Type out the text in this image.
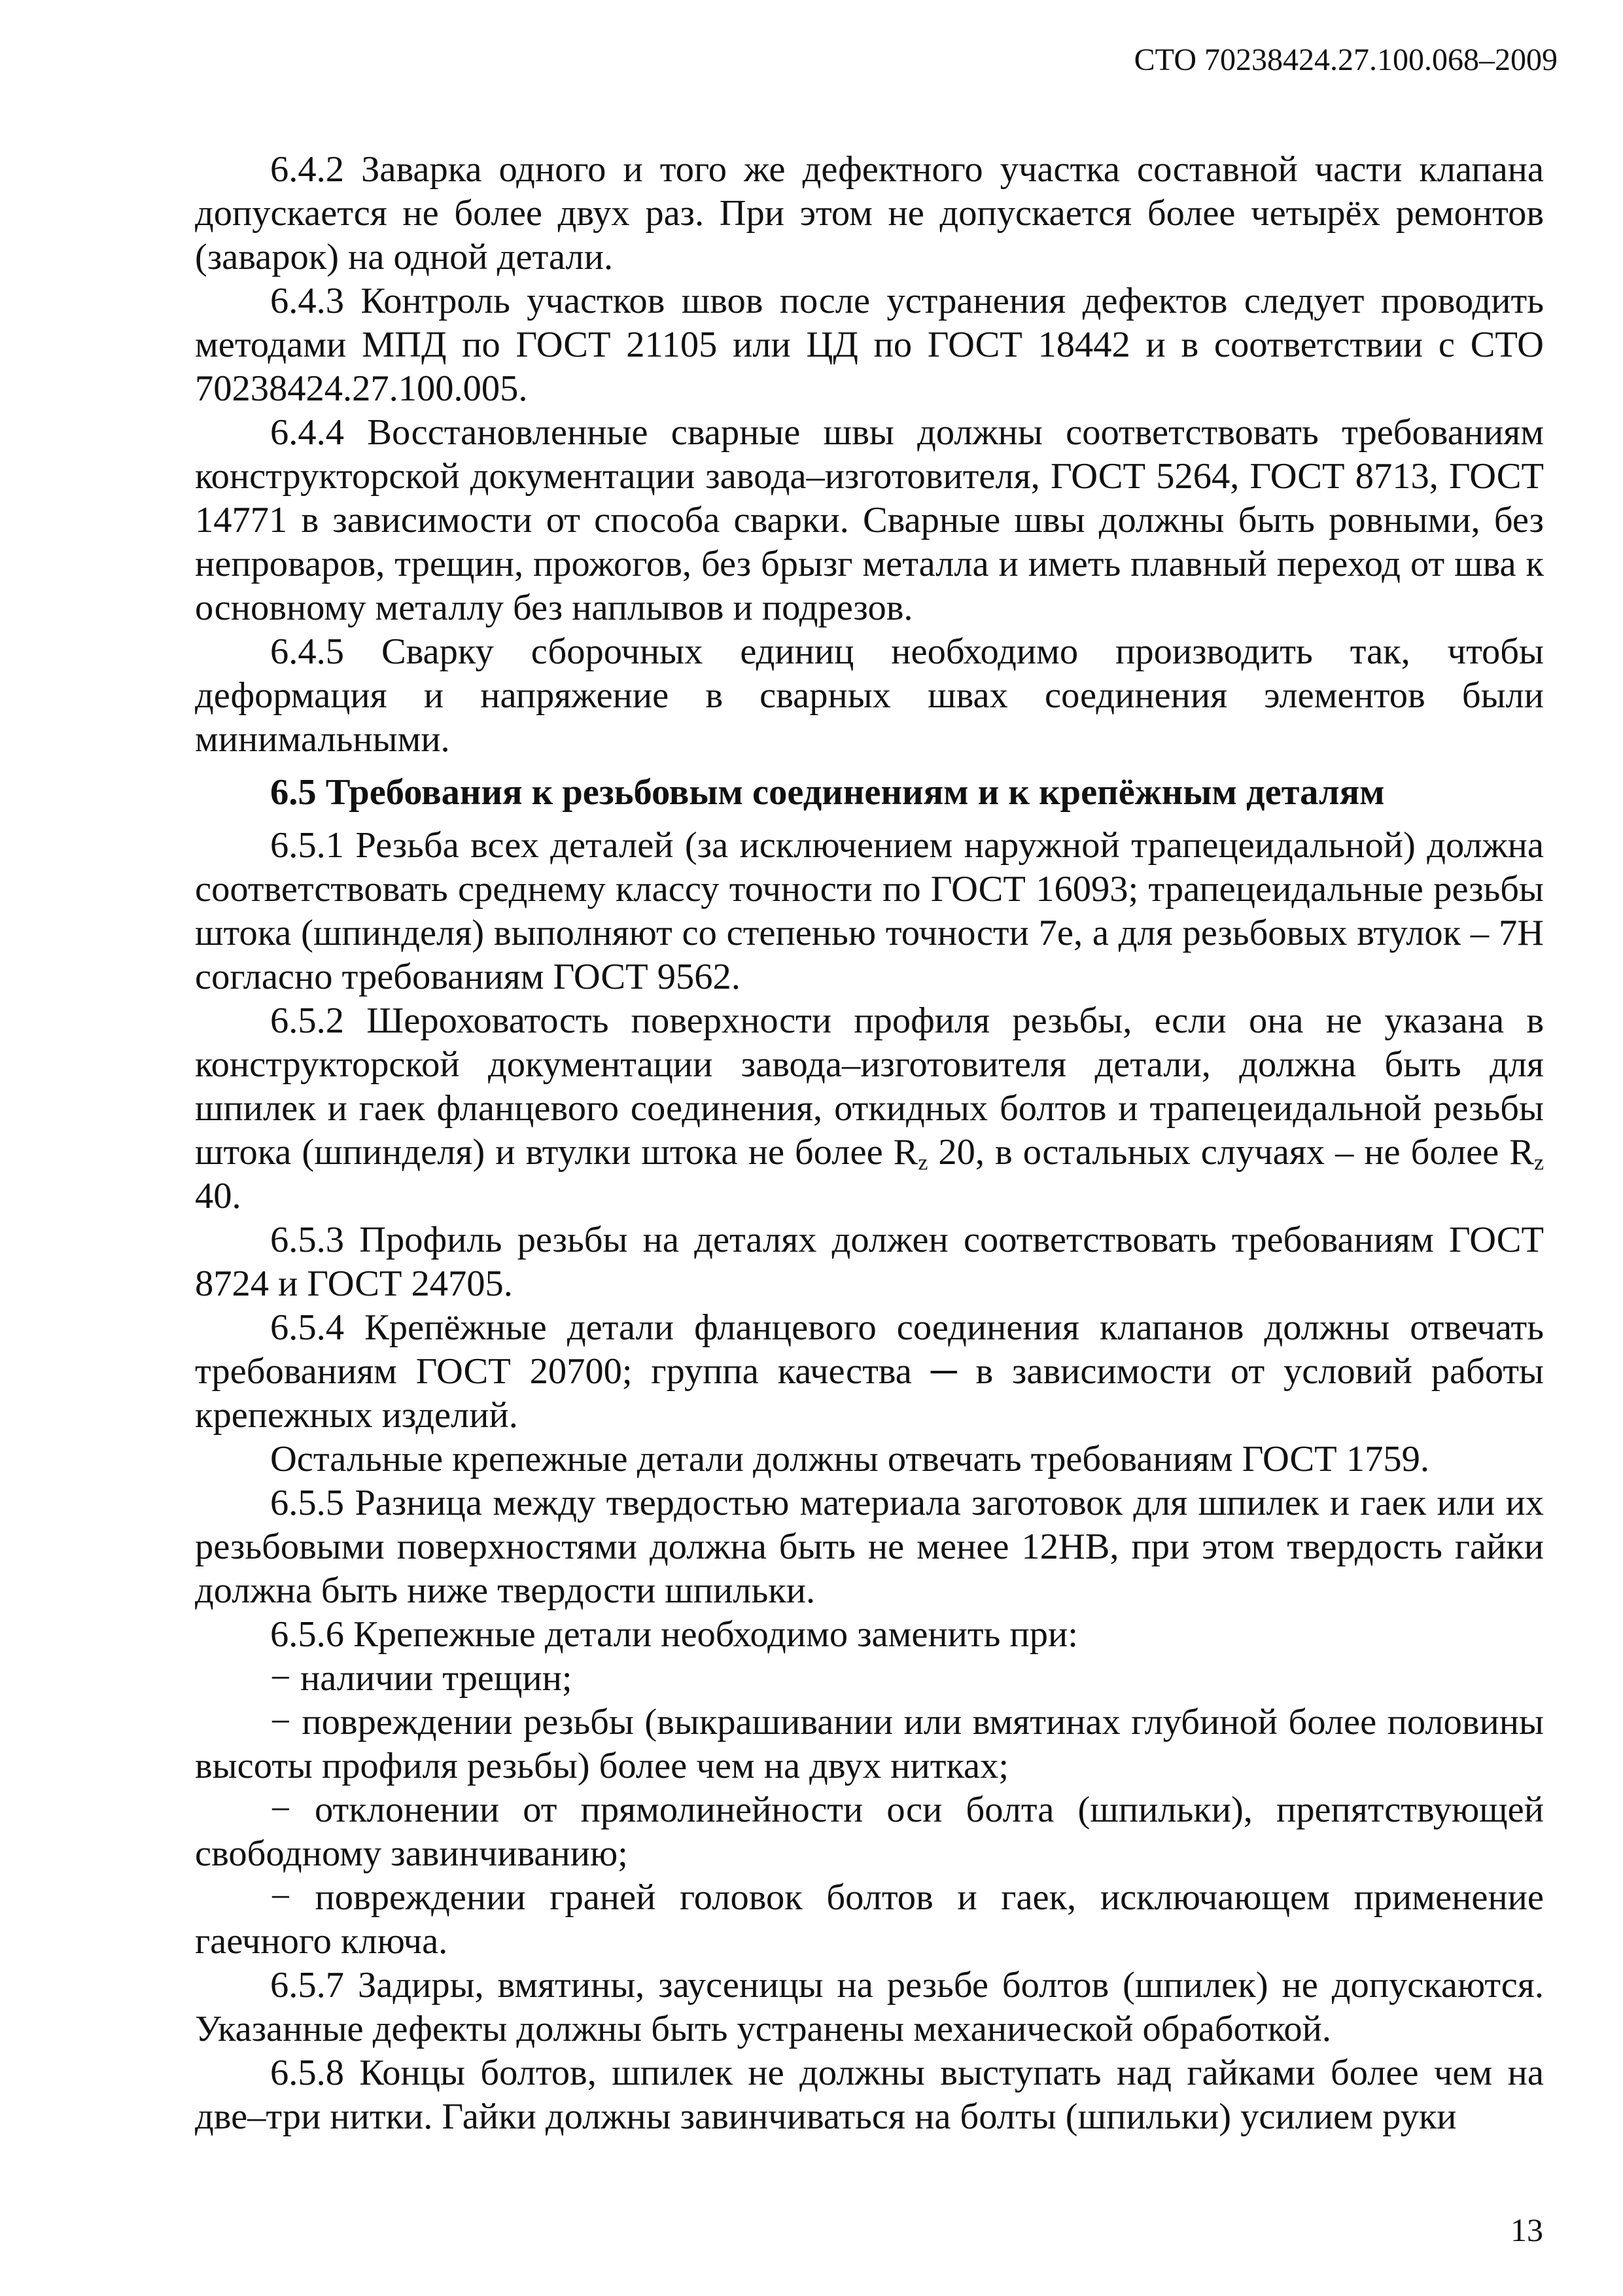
СТО 70238424.27.100.068–2009

6.4.2 Заварка одного и того же дефектного участка составной части клапана допускается не более двух раз. При этом не допускается более четырёх ремонтов (заварок) на одной детали.

6.4.3 Контроль участков швов после устранения дефектов следует проводить методами МПД по ГОСТ 21105 или ЦД по ГОСТ 18442 и в соответствии с СТО 70238424.27.100.005.

6.4.4 Восстановленные сварные швы должны соответствовать требованиям конструкторской документации завода–изготовителя, ГОСТ 5264, ГОСТ 8713, ГОСТ 14771 в зависимости от способа сварки. Сварные швы должны быть ровными, без непроваров, трещин, прожогов, без брызг металла и иметь плавный переход от шва к основному металлу без наплывов и подрезов.

6.4.5 Сварку сборочных единиц необходимо производить так, чтобы деформация и напряжение в сварных швах соединения элементов были минимальными.

6.5 Требования к резьбовым соединениям и к крепёжным деталям

6.5.1 Резьба всех деталей (за исключением наружной трапецеидальной) должна соответствовать среднему классу точности по ГОСТ 16093; трапецеидальные резьбы штока (шпинделя) выполняют со степенью точности 7е, а для резьбовых втулок – 7Н согласно требованиям ГОСТ 9562.

6.5.2 Шероховатость поверхности профиля резьбы, если она не указана в конструкторской документации завода–изготовителя детали, должна быть для шпилек и гаек фланцевого соединения, откидных болтов и трапецеидальной резьбы штока (шпинделя) и втулки штока не более $R_z$ 20, в остальных случаях – не более $R_z$ 40.

6.5.3 Профиль резьбы на деталях должен соответствовать требованиям ГОСТ 8724 и ГОСТ 24705.

6.5.4 Крепёжные детали фланцевого соединения клапанов должны отвечать требованиям ГОСТ 20700; группа качества ─ в зависимости от условий работы крепежных изделий.

Остальные крепежные детали должны отвечать требованиям ГОСТ 1759.

6.5.5 Разница между твердостью материала заготовок для шпилек и гаек или их резьбовыми поверхностями должна быть не менее 12НВ, при этом твердость гайки должна быть ниже твердости шпильки.

6.5.6 Крепежные детали необходимо заменить при:

− наличии трещин;

− повреждении резьбы (выкрашивании или вмятинах глубиной более половины высоты профиля резьбы) более чем на двух нитках;

− отклонении от прямолинейности оси болта (шпильки), препятствующей свободному завинчиванию;

− повреждении граней головок болтов и гаек, исключающем применение гаечного ключа.

6.5.7 Задиры, вмятины, заусеницы на резьбе болтов (шпилек) не допускаются. Указанные дефекты должны быть устранены механической обработкой.

6.5.8 Концы болтов, шпилек не должны выступать над гайками более чем на две–три нитки. Гайки должны завинчиваться на болты (шпильки) усилием руки

13
